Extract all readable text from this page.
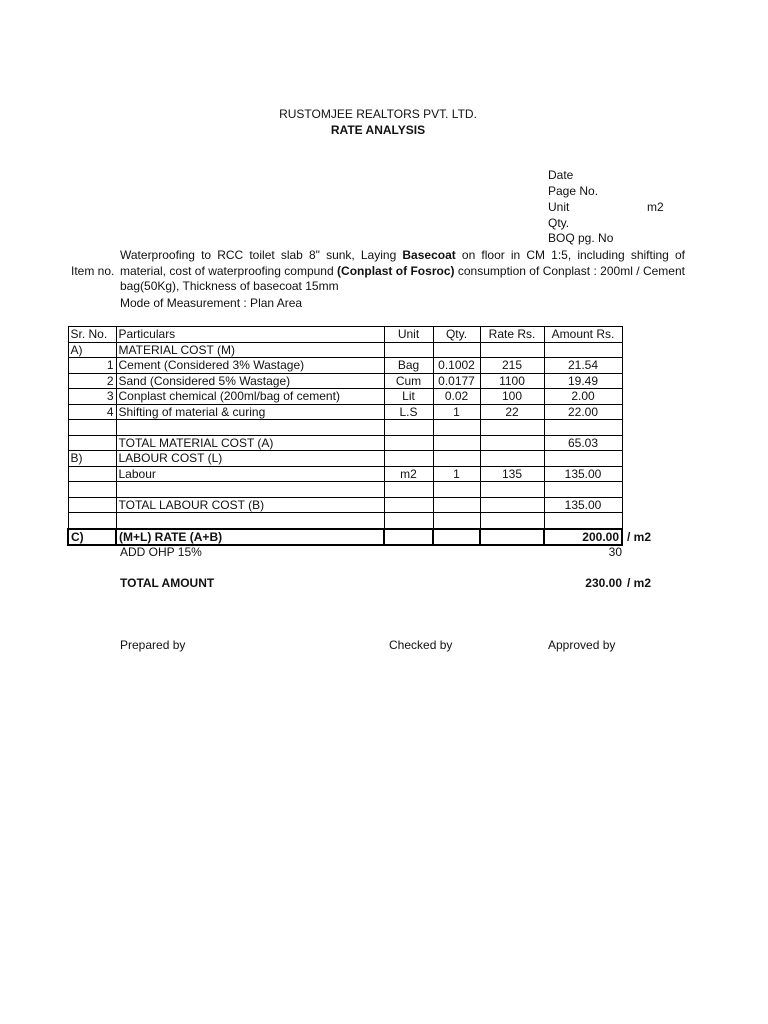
RUSTOMJEE REALTORS PVT. LTD.
RATE ANALYSIS
Date
Page No.
Unit	m2
Qty.
BOQ pg. No
Item no.
Waterproofing to RCC toilet slab 8" sunk, Laying Basecoat on floor in CM 1:5, including shifting of material, cost of waterproofing compund (Conplast of Fosroc) consumption of Conplast : 200ml / Cement bag(50Kg), Thickness of basecoat 15mm
Mode of Measurement : Plan Area
Sr. No.	Particulars	Unit	Qty.	Rate Rs.	Amount Rs.
A)	MATERIAL COST (M)				
1	Cement (Considered 3% Wastage)	Bag	0.1002	215	21.54
2	Sand (Considered 5% Wastage)	Cum	0.0177	1100	19.49
3	Conplast chemical (200ml/bag of cement)	Lit	0.02	100	2.00
4	Shifting of material & curing	L.S	1	22	22.00

	TOTAL MATERIAL COST (A)				65.03
B)	LABOUR COST (L)				
	Labour	m2	1	135	135.00

	TOTAL LABOUR COST (B)				135.00

C)	(M+L) RATE (A+B)				200.00 / m2
ADD OHP 15%	30
TOTAL AMOUNT	230.00 / m2
Prepared by	Checked by	Approved by
